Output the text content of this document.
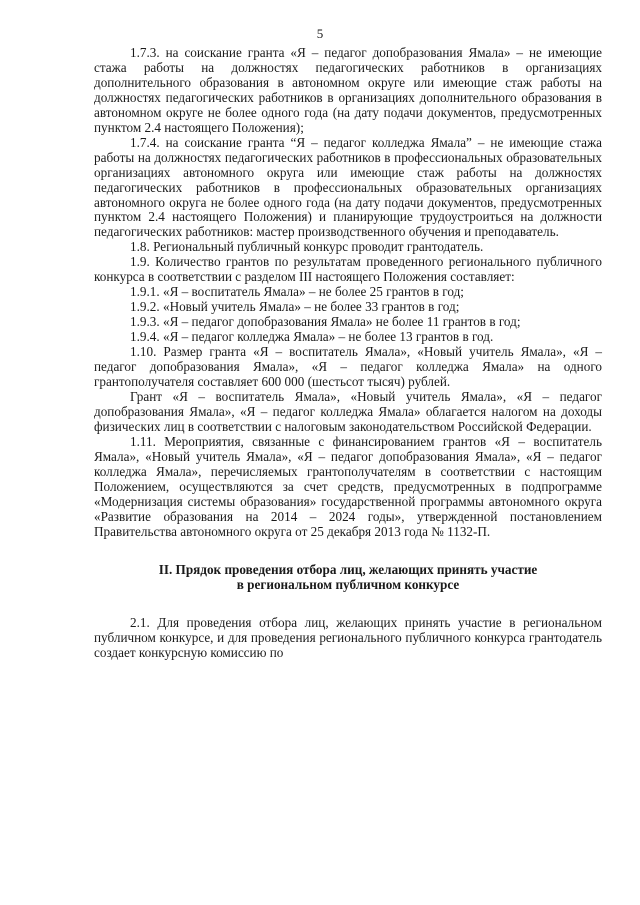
5

1.7.3. на соискание гранта «Я – педагог допобразования Ямала» – не имеющие стажа работы на должностях педагогических работников в организациях дополнительного образования в автономном округе или имеющие стаж работы на должностях педагогических работников в организациях дополнительного образования в автономном округе не более одного года (на дату подачи документов, предусмотренных пунктом 2.4 настоящего Положения);

1.7.4. на соискание гранта “Я – педагог колледжа Ямала” – не имеющие стажа работы на должностях педагогических работников в профессиональных образовательных организациях автономного округа или имеющие стаж работы на должностях педагогических работников в профессиональных образовательных организациях автономного округа не более одного года (на дату подачи документов, предусмотренных пунктом 2.4 настоящего Положения) и планирующие трудоустроиться на должности педагогических работников: мастер производственного обучения и преподаватель.

1.8. Региональный публичный конкурс проводит грантодатель.

1.9. Количество грантов по результатам проведенного регионального публичного конкурса в соответствии с разделом III настоящего Положения составляет:

1.9.1. «Я – воспитатель Ямала» – не более 25 грантов в год;

1.9.2. «Новый учитель Ямала» – не более 33 грантов в год;

1.9.3. «Я – педагог допобразования Ямала» не более 11 грантов в год;

1.9.4. «Я – педагог колледжа Ямала» – не более 13 грантов в год.

1.10. Размер гранта «Я – воспитатель Ямала», «Новый учитель Ямала», «Я – педагог допобразования Ямала», «Я – педагог колледжа Ямала» на одного грантополучателя составляет 600 000 (шестьсот тысяч) рублей.

Грант «Я – воспитатель Ямала», «Новый учитель Ямала», «Я – педагог допобразования Ямала», «Я – педагог колледжа Ямала» облагается налогом на доходы физических лиц в соответствии с налоговым законодательством Российской Федерации.

1.11. Мероприятия, связанные с финансированием грантов «Я – воспитатель Ямала», «Новый учитель Ямала», «Я – педагог допобразования Ямала», «Я – педагог колледжа Ямала», перечисляемых грантополучателям в соответствии с настоящим Положением, осуществляются за счет средств, предусмотренных в подпрограмме «Модернизация системы образования» государственной программы автономного округа «Развитие образования на 2014 – 2024 годы», утвержденной постановлением Правительства автономного округа от 25 декабря 2013 года № 1132-П.

II. Прядок проведения отбора лиц, желающих принять участие
в региональном публичном конкурсе

2.1. Для проведения отбора лиц, желающих принять участие в региональном публичном конкурсе, и для проведения регионального публичного конкурса грантодатель создает конкурсную комиссию по
